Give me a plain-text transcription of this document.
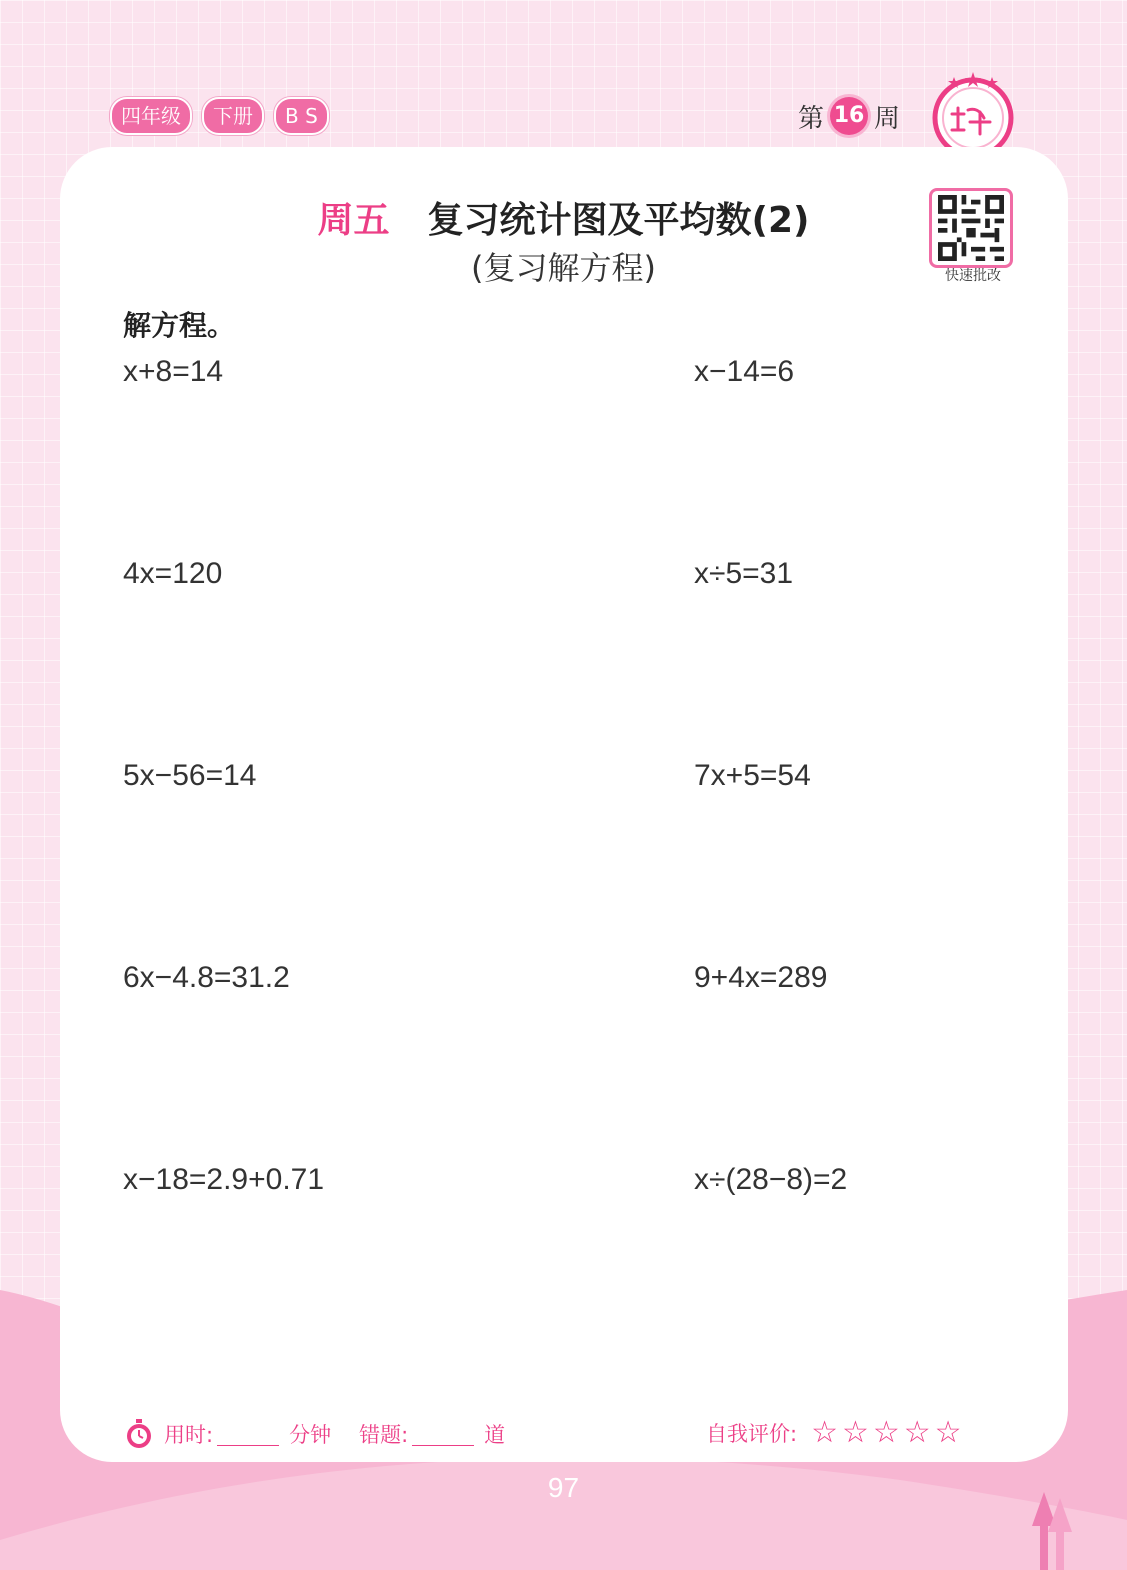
四年级	下册	B S	第 16 周
周五 复习统计图及平均数(2)
(复习解方程)	快速批改
解方程。
x+8=14	x−14=6
4x=120	x÷5=31
5x−56=14	7x+5=54
6x−4.8=31.2	9+4x=289
x−18=2.9+0.71	x÷(28−8)=2
用时:	分钟 错题:	道	自我评价: ☆☆☆☆☆
97
